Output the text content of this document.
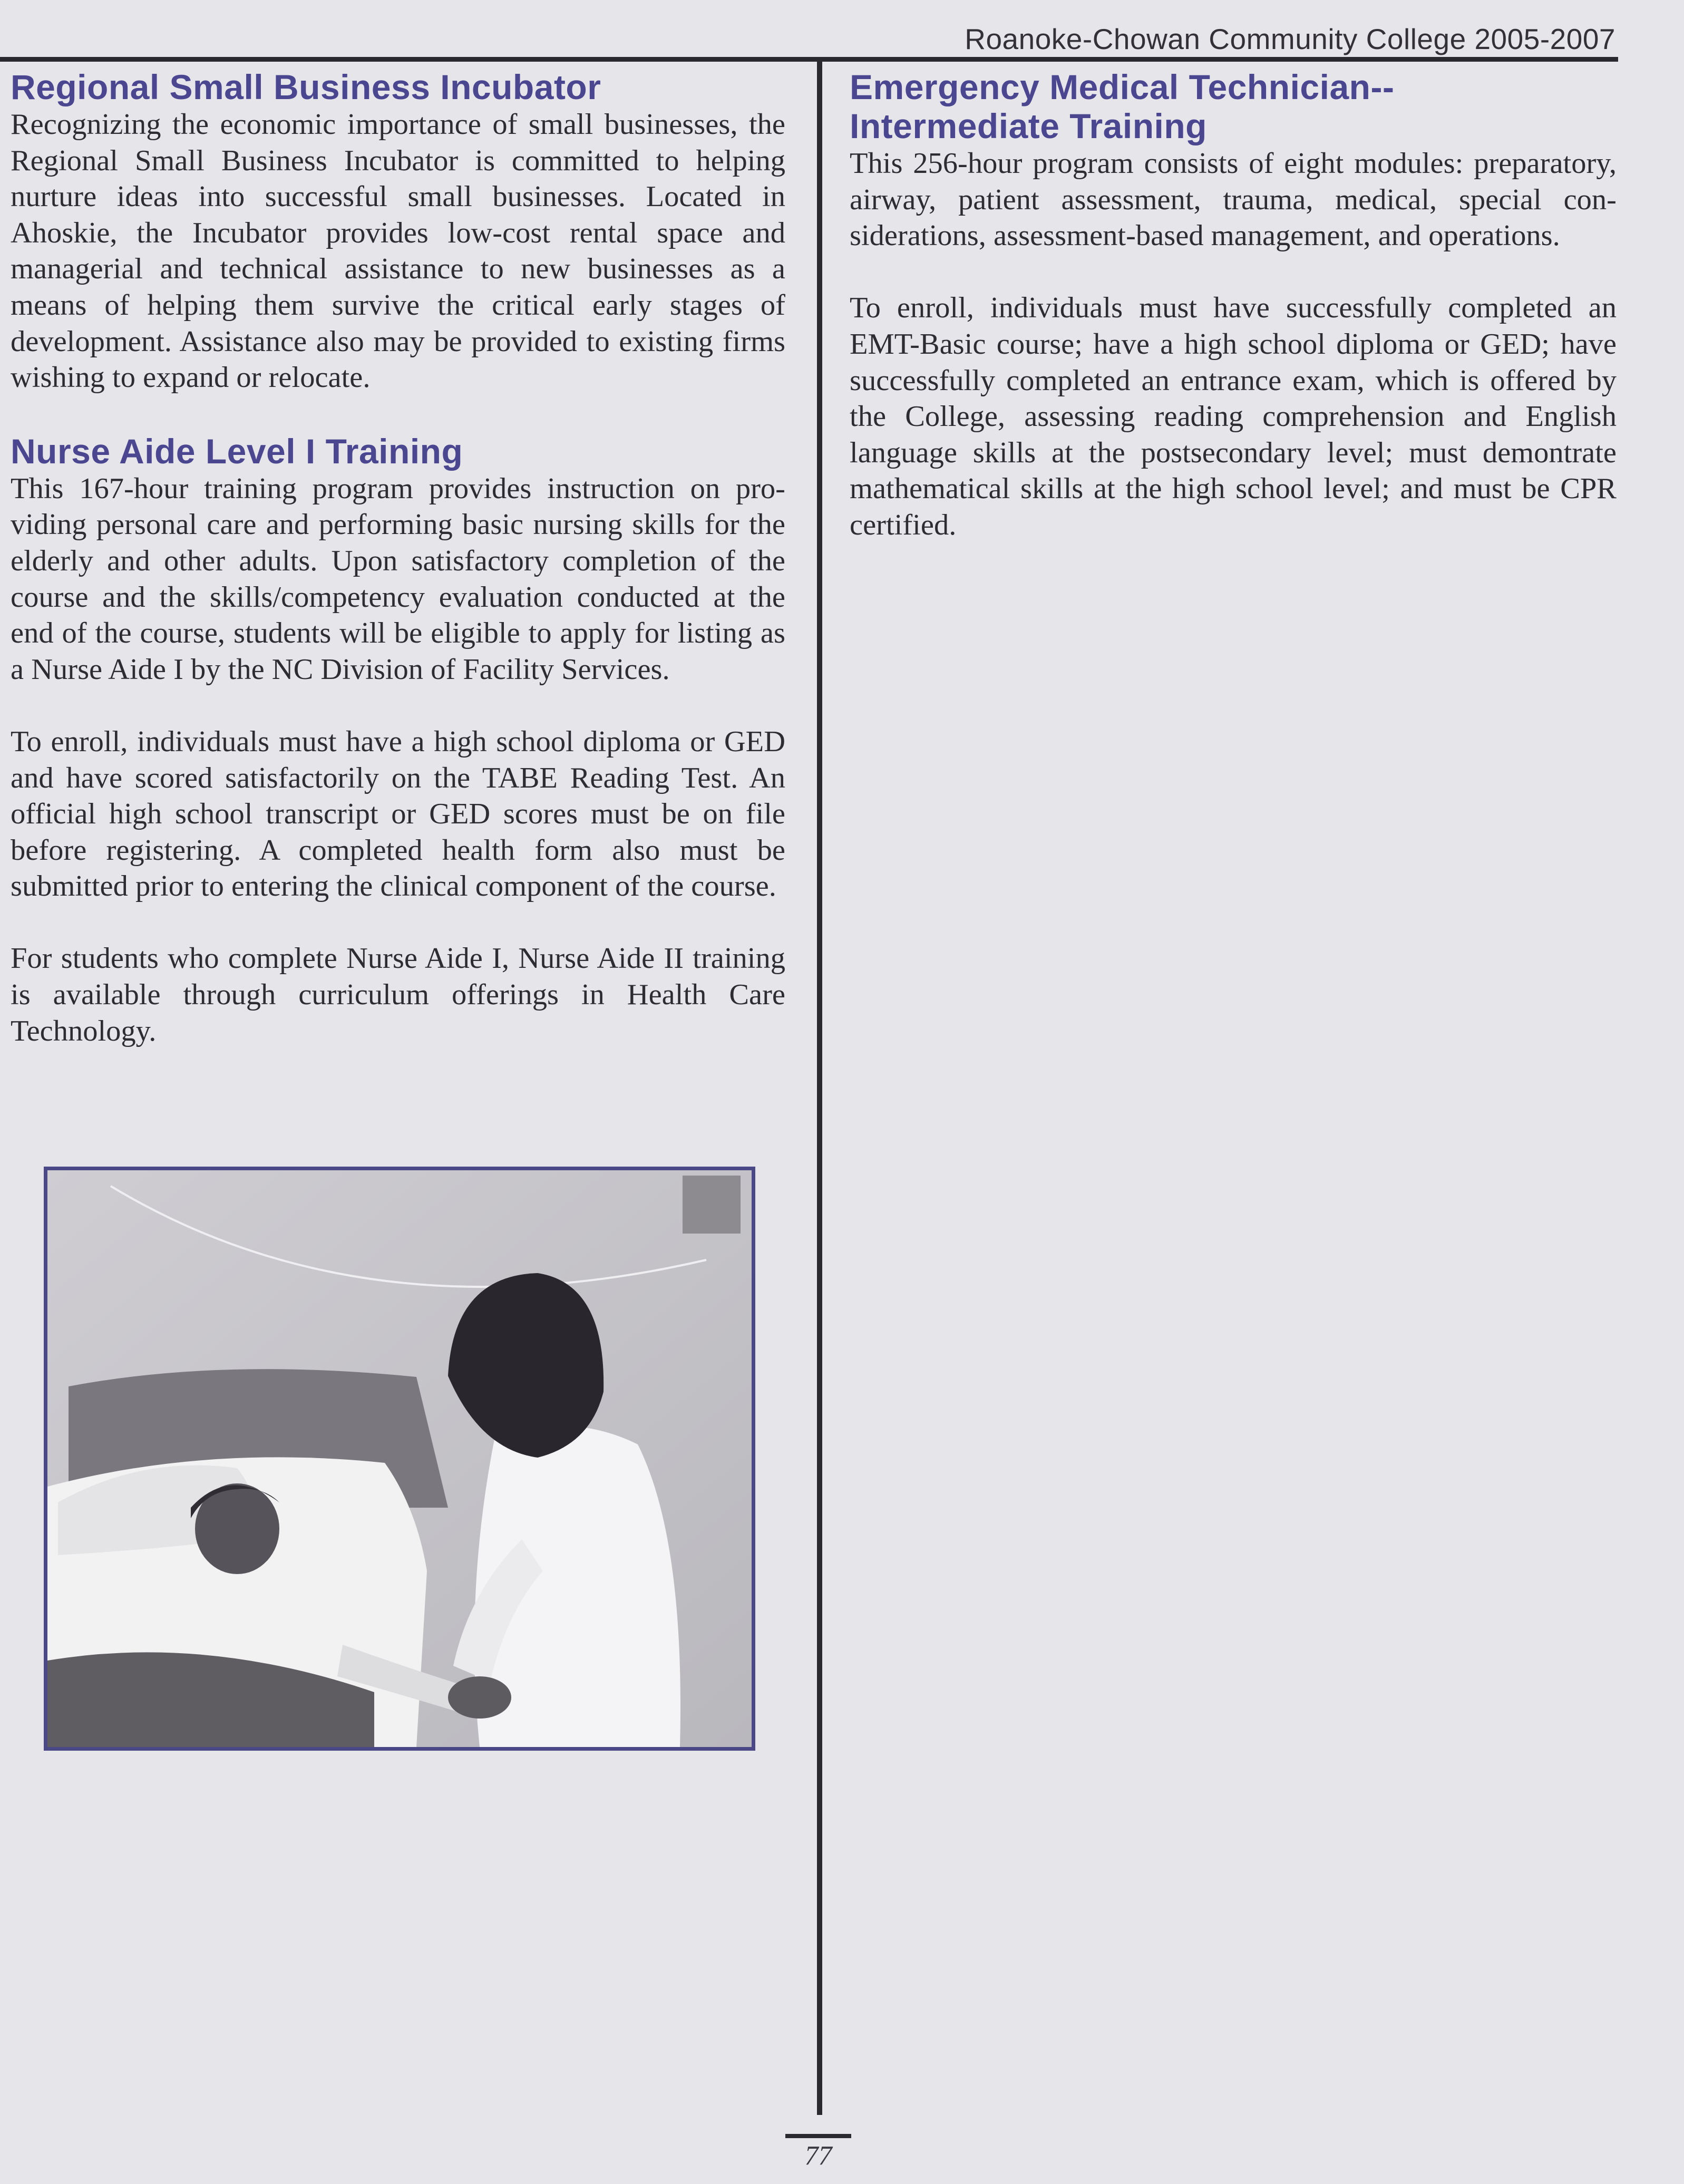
Roanoke-Chowan Community College 2005-2007
Regional Small Business Incubator

Recognizing the economic importance of small businesses, the Regional Small Business Incubator is committed to helping nurture ideas into successful small businesses. Located in Ahoskie, the Incubator provides low-cost rental space and managerial and technical assistance to new businesses as a means of helping them survive the critical early stages of development. Assistance also may be provided to existing firms wishing to expand or relocate.

Nurse Aide Level I Training

This 167-hour training program provides instruction on providing personal care and performing basic nursing skills for the elderly and other adults. Upon satisfactory completion of the course and the skills/competency evaluation conducted at the end of the course, students will be eligible to apply for listing as a Nurse Aide I by the NC Division of Facility Services.

To enroll, individuals must have a high school diploma or GED and have scored satisfactorily on the TABE Reading Test. An official high school transcript or GED scores must be on file before registering. A completed health form also must be submitted prior to entering the clinical component of the course.

For students who complete Nurse Aide I, Nurse Aide II training is available through curriculum offerings in Health Care Technology.

Emergency Medical Technician--
Intermediate Training

This 256-hour program consists of eight modules: preparatory, airway, patient assessment, trauma, medical, special considerations, assessment-based management, and operations.

To enroll, individuals must have successfully completed an EMT-Basic course; have a high school diploma or GED; have successfully completed an entrance exam, which is offered by the College, assessing reading comprehension and English language skills at the postsecondary level; must demontrate mathematical skills at the high school level; and must be CPR certified.

77
